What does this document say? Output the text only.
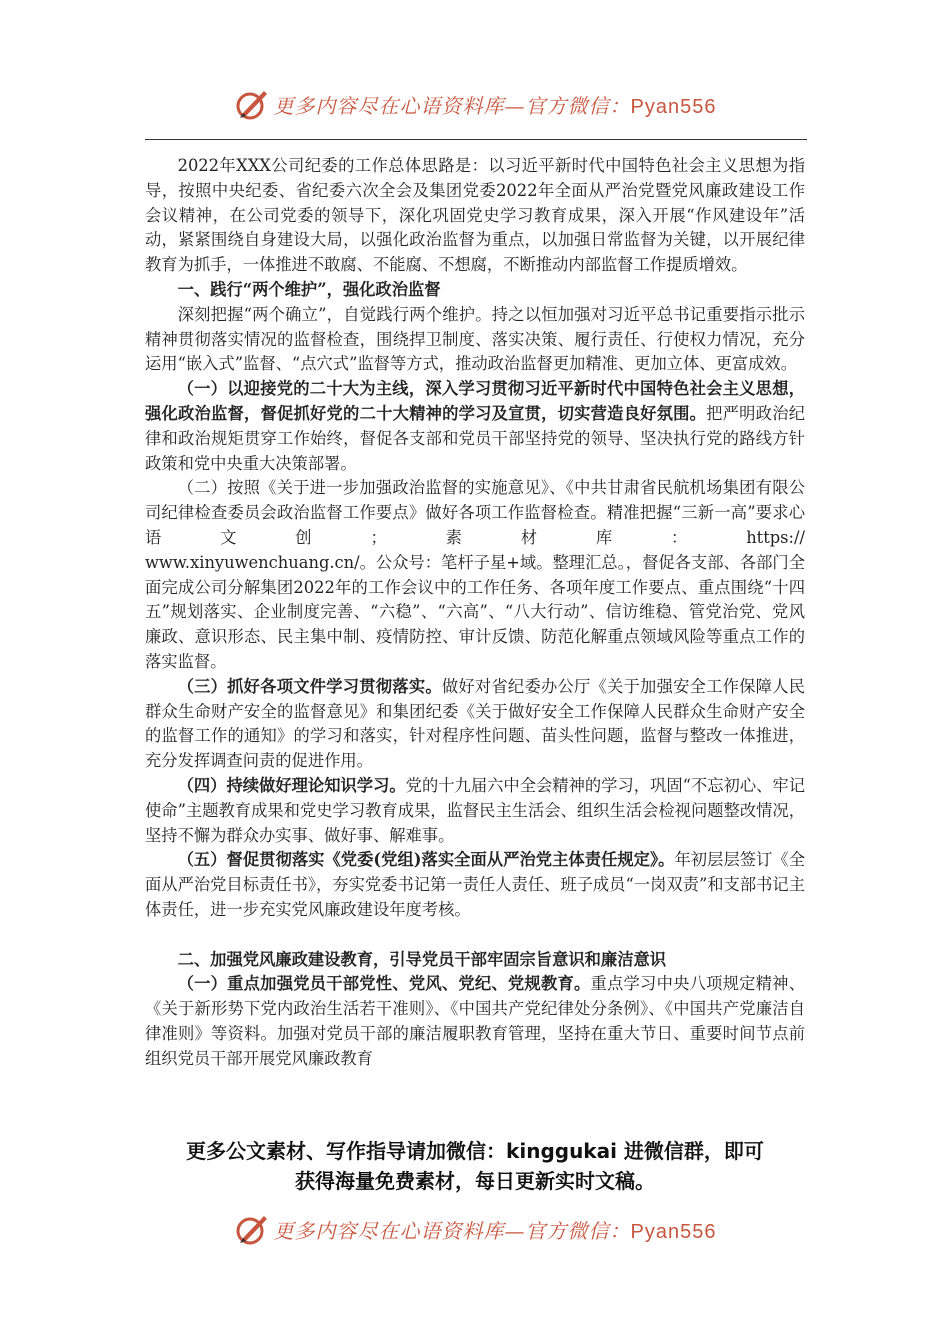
更多内容尽在心语资料库—官方微信：Pyan556

2022年XXX公司纪委的工作总体思路是：以习近平新时代中国特色社会主义思想为指导，按照中央纪委、省纪委六次全会及集团党委2022年全面从严治党暨党风廉政建设工作会议精神，在公司党委的领导下，深化巩固党史学习教育成果，深入开展“作风建设年”活动，紧紧围绕自身建设大局，以强化政治监督为重点，以加强日常监督为关键，以开展纪律教育为抓手，一体推进不敢腐、不能腐、不想腐，不断推动内部监督工作提质增效。

一、践行“两个维护”，强化政治监督

深刻把握“两个确立”，自觉践行两个维护。持之以恒加强对习近平总书记重要指示批示精神贯彻落实情况的监督检查，围绕捍卫制度、落实决策、履行责任、行使权力情况，充分运用“嵌入式”监督、“点穴式”监督等方式，推动政治监督更加精准、更加立体、更富成效。

（一）以迎接党的二十大为主线，深入学习贯彻习近平新时代中国特色社会主义思想，强化政治监督，督促抓好党的二十大精神的学习及宣贯，切实营造良好氛围。把严明政治纪律和政治规矩贯穿工作始终，督促各支部和党员干部坚持党的领导、坚决执行党的路线方针政策和党中央重大决策部署。

（二）按照《关于进一步加强政治监督的实施意见》、《中共甘肃省民航机场集团有限公司纪律检查委员会政治监督工作要点》做好各项工作监督检查。精准把握“三新一高”要求心语文创；素材库：https://

www.xinyuwenchuang.cn/。公众号：笔杆子星+域。整理汇总。，督促各支部、各部门全面完成公司分解集团2022年的工作会议中的工作任务、各项年度工作要点、重点围绕“十四五”规划落实、企业制度完善、“六稳”、“六高”、“八大行动”、信访维稳、管党治党、党风廉政、意识形态、民主集中制、疫情防控、审计反馈、防范化解重点领域风险等重点工作的落实监督。

（三）抓好各项文件学习贯彻落实。做好对省纪委办公厅《关于加强安全工作保障人民群众生命财产安全的监督意见》和集团纪委《关于做好安全工作保障人民群众生命财产安全的监督工作的通知》的学习和落实，针对程序性问题、苗头性问题，监督与整改一体推进，充分发挥调查问责的促进作用。

（四）持续做好理论知识学习。党的十九届六中全会精神的学习，巩固“不忘初心、牢记使命”主题教育成果和党史学习教育成果，监督民主生活会、组织生活会检视问题整改情况，坚持不懈为群众办实事、做好事、解难事。

（五）督促贯彻落实《党委(党组)落实全面从严治党主体责任规定》。年初层层签订《全面从严治党目标责任书》，夯实党委书记第一责任人责任、班子成员“一岗双责”和支部书记主体责任，进一步充实党风廉政建设年度考核。

二、加强党风廉政建设教育，引导党员干部牢固宗旨意识和廉洁意识

（一）重点加强党员干部党性、党风、党纪、党规教育。重点学习中央八项规定精神、《关于新形势下党内政治生活若干准则》、《中国共产党纪律处分条例》、《中国共产党廉洁自律准则》等资料。加强对党员干部的廉洁履职教育管理，坚持在重大节日、重要时间节点前组织党员干部开展党风廉政教育

更多公文素材、写作指导请加微信：kinggukai 进微信群，即可
获得海量免费素材，每日更新实时文稿。
更多内容尽在心语资料库—官方微信：Pyan556
